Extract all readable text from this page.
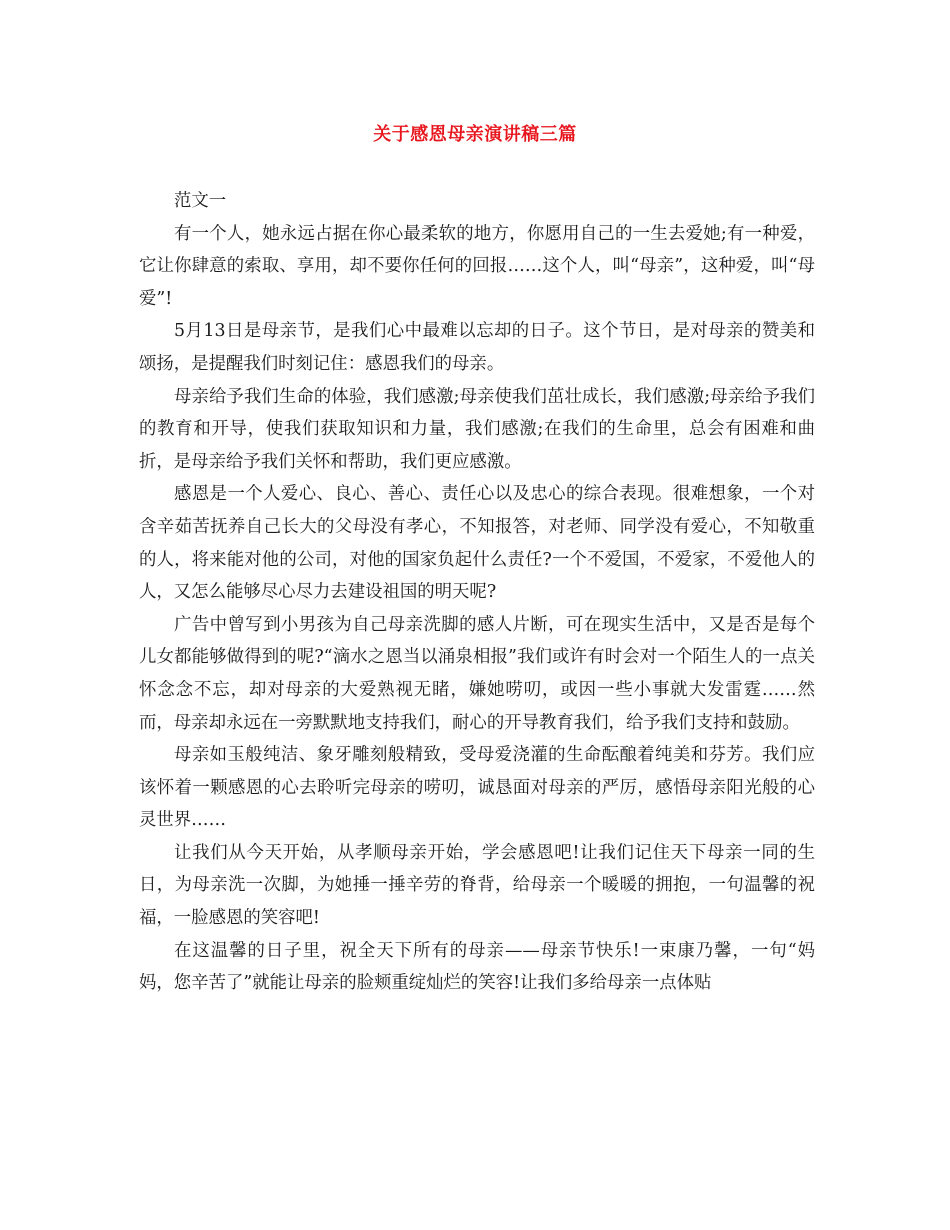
关于感恩母亲演讲稿三篇

范文一

有一个人，她永远占据在你心最柔软的地方，你愿用自己的一生去爱她;有一种爱，它让你肆意的索取、享用，却不要你任何的回报……这个人，叫“母亲”，这种爱，叫“母爱”!

5月13日是母亲节，是我们心中最难以忘却的日子。这个节日，是对母亲的赞美和颂扬，是提醒我们时刻记住：感恩我们的母亲。

母亲给予我们生命的体验，我们感激;母亲使我们茁壮成长，我们感激;母亲给予我们的教育和开导，使我们获取知识和力量，我们感激;在我们的生命里，总会有困难和曲折，是母亲给予我们关怀和帮助，我们更应感激。

感恩是一个人爱心、良心、善心、责任心以及忠心的综合表现。很难想象，一个对含辛茹苦抚养自己长大的父母没有孝心，不知报答，对老师、同学没有爱心，不知敬重的人，将来能对他的公司，对他的国家负起什么责任?一个不爱国，不爱家，不爱他人的人，又怎么能够尽心尽力去建设祖国的明天呢?

广告中曾写到小男孩为自己母亲洗脚的感人片断，可在现实生活中，又是否是每个儿女都能够做得到的呢?“滴水之恩当以涌泉相报”我们或许有时会对一个陌生人的一点关怀念念不忘，却对母亲的大爱熟视无睹，嫌她唠叨，或因一些小事就大发雷霆……然而，母亲却永远在一旁默默地支持我们，耐心的开导教育我们，给予我们支持和鼓励。

母亲如玉般纯洁、象牙雕刻般精致，受母爱浇灌的生命酝酿着纯美和芬芳。我们应该怀着一颗感恩的心去聆听完母亲的唠叨，诚恳面对母亲的严厉，感悟母亲阳光般的心灵世界……

让我们从今天开始，从孝顺母亲开始，学会感恩吧!让我们记住天下母亲一同的生日，为母亲洗一次脚，为她捶一捶辛劳的脊背，给母亲一个暖暖的拥抱，一句温馨的祝福，一脸感恩的笑容吧!

在这温馨的日子里，祝全天下所有的母亲——母亲节快乐!一束康乃馨，一句“妈妈，您辛苦了”就能让母亲的脸颊重绽灿烂的笑容!让我们多给母亲一点体贴
